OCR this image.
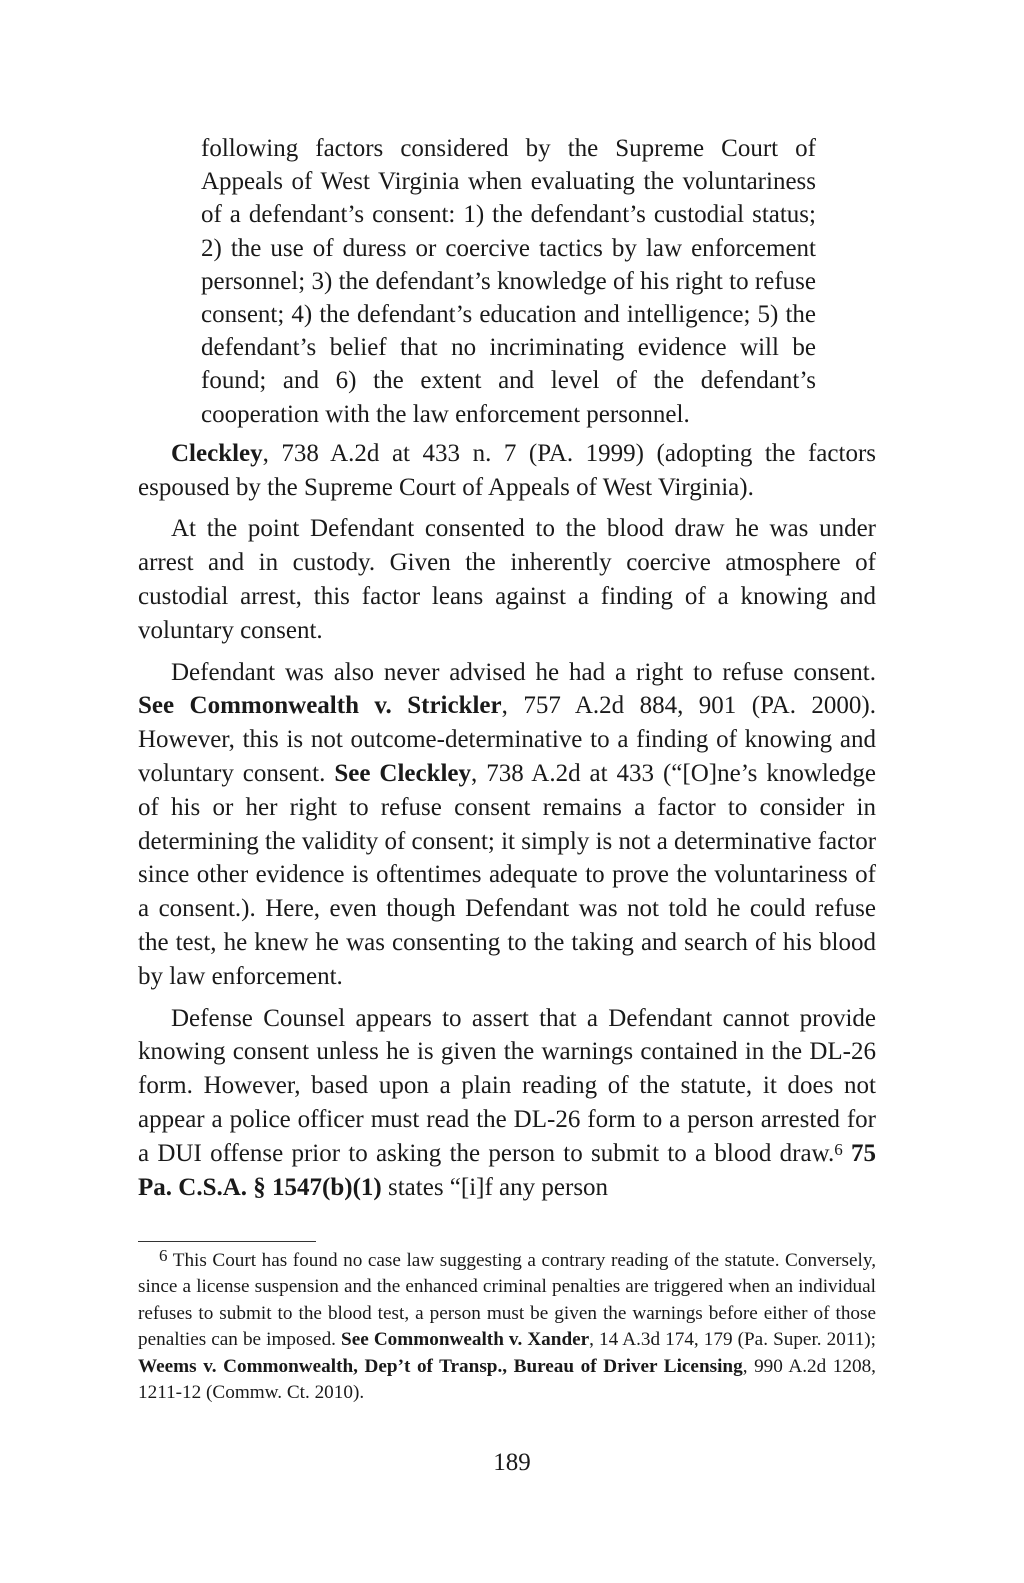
following factors considered by the Supreme Court of Appeals of West Virginia when evaluating the voluntariness of a defendant’s consent: 1) the defendant’s custodial status; 2) the use of duress or coercive tactics by law enforcement personnel; 3) the defendant’s knowledge of his right to refuse consent; 4) the defendant’s education and intelligence; 5) the defendant’s belief that no incriminating evidence will be found; and 6) the extent and level of the defendant’s cooperation with the law enforcement personnel.

Cleckley, 738 A.2d at 433 n. 7 (PA. 1999) (adopting the factors espoused by the Supreme Court of Appeals of West Virginia).

At the point Defendant consented to the blood draw he was under arrest and in custody. Given the inherently coercive atmosphere of custodial arrest, this factor leans against a finding of a knowing and voluntary consent.

Defendant was also never advised he had a right to refuse consent. See Commonwealth v. Strickler, 757 A.2d 884, 901 (PA. 2000). However, this is not outcome-determinative to a finding of knowing and voluntary consent. See Cleckley, 738 A.2d at 433 (“[O]ne’s knowledge of his or her right to refuse consent remains a factor to consider in determining the validity of consent; it simply is not a determinative factor since other evidence is oftentimes adequate to prove the voluntariness of a consent.). Here, even though Defendant was not told he could refuse the test, he knew he was consenting to the taking and search of his blood by law enforcement.

Defense Counsel appears to assert that a Defendant cannot provide knowing consent unless he is given the warnings contained in the DL-26 form. However, based upon a plain reading of the statute, it does not appear a police officer must read the DL-26 form to a person arrested for a DUI offense prior to asking the person to submit to a blood draw.$^6$ 75 Pa. C.S.A. § 1547(b)(1) states “[i]f any person

$^6$ This Court has found no case law suggesting a contrary reading of the statute. Conversely, since a license suspension and the enhanced criminal penalties are triggered when an individual refuses to submit to the blood test, a person must be given the warnings before either of those penalties can be imposed. See Commonwealth v. Xander, 14 A.3d 174, 179 (Pa. Super. 2011); Weems v. Commonwealth, Dep’t of Transp., Bureau of Driver Licensing, 990 A.2d 1208, 1211-12 (Commw. Ct. 2010).
189
